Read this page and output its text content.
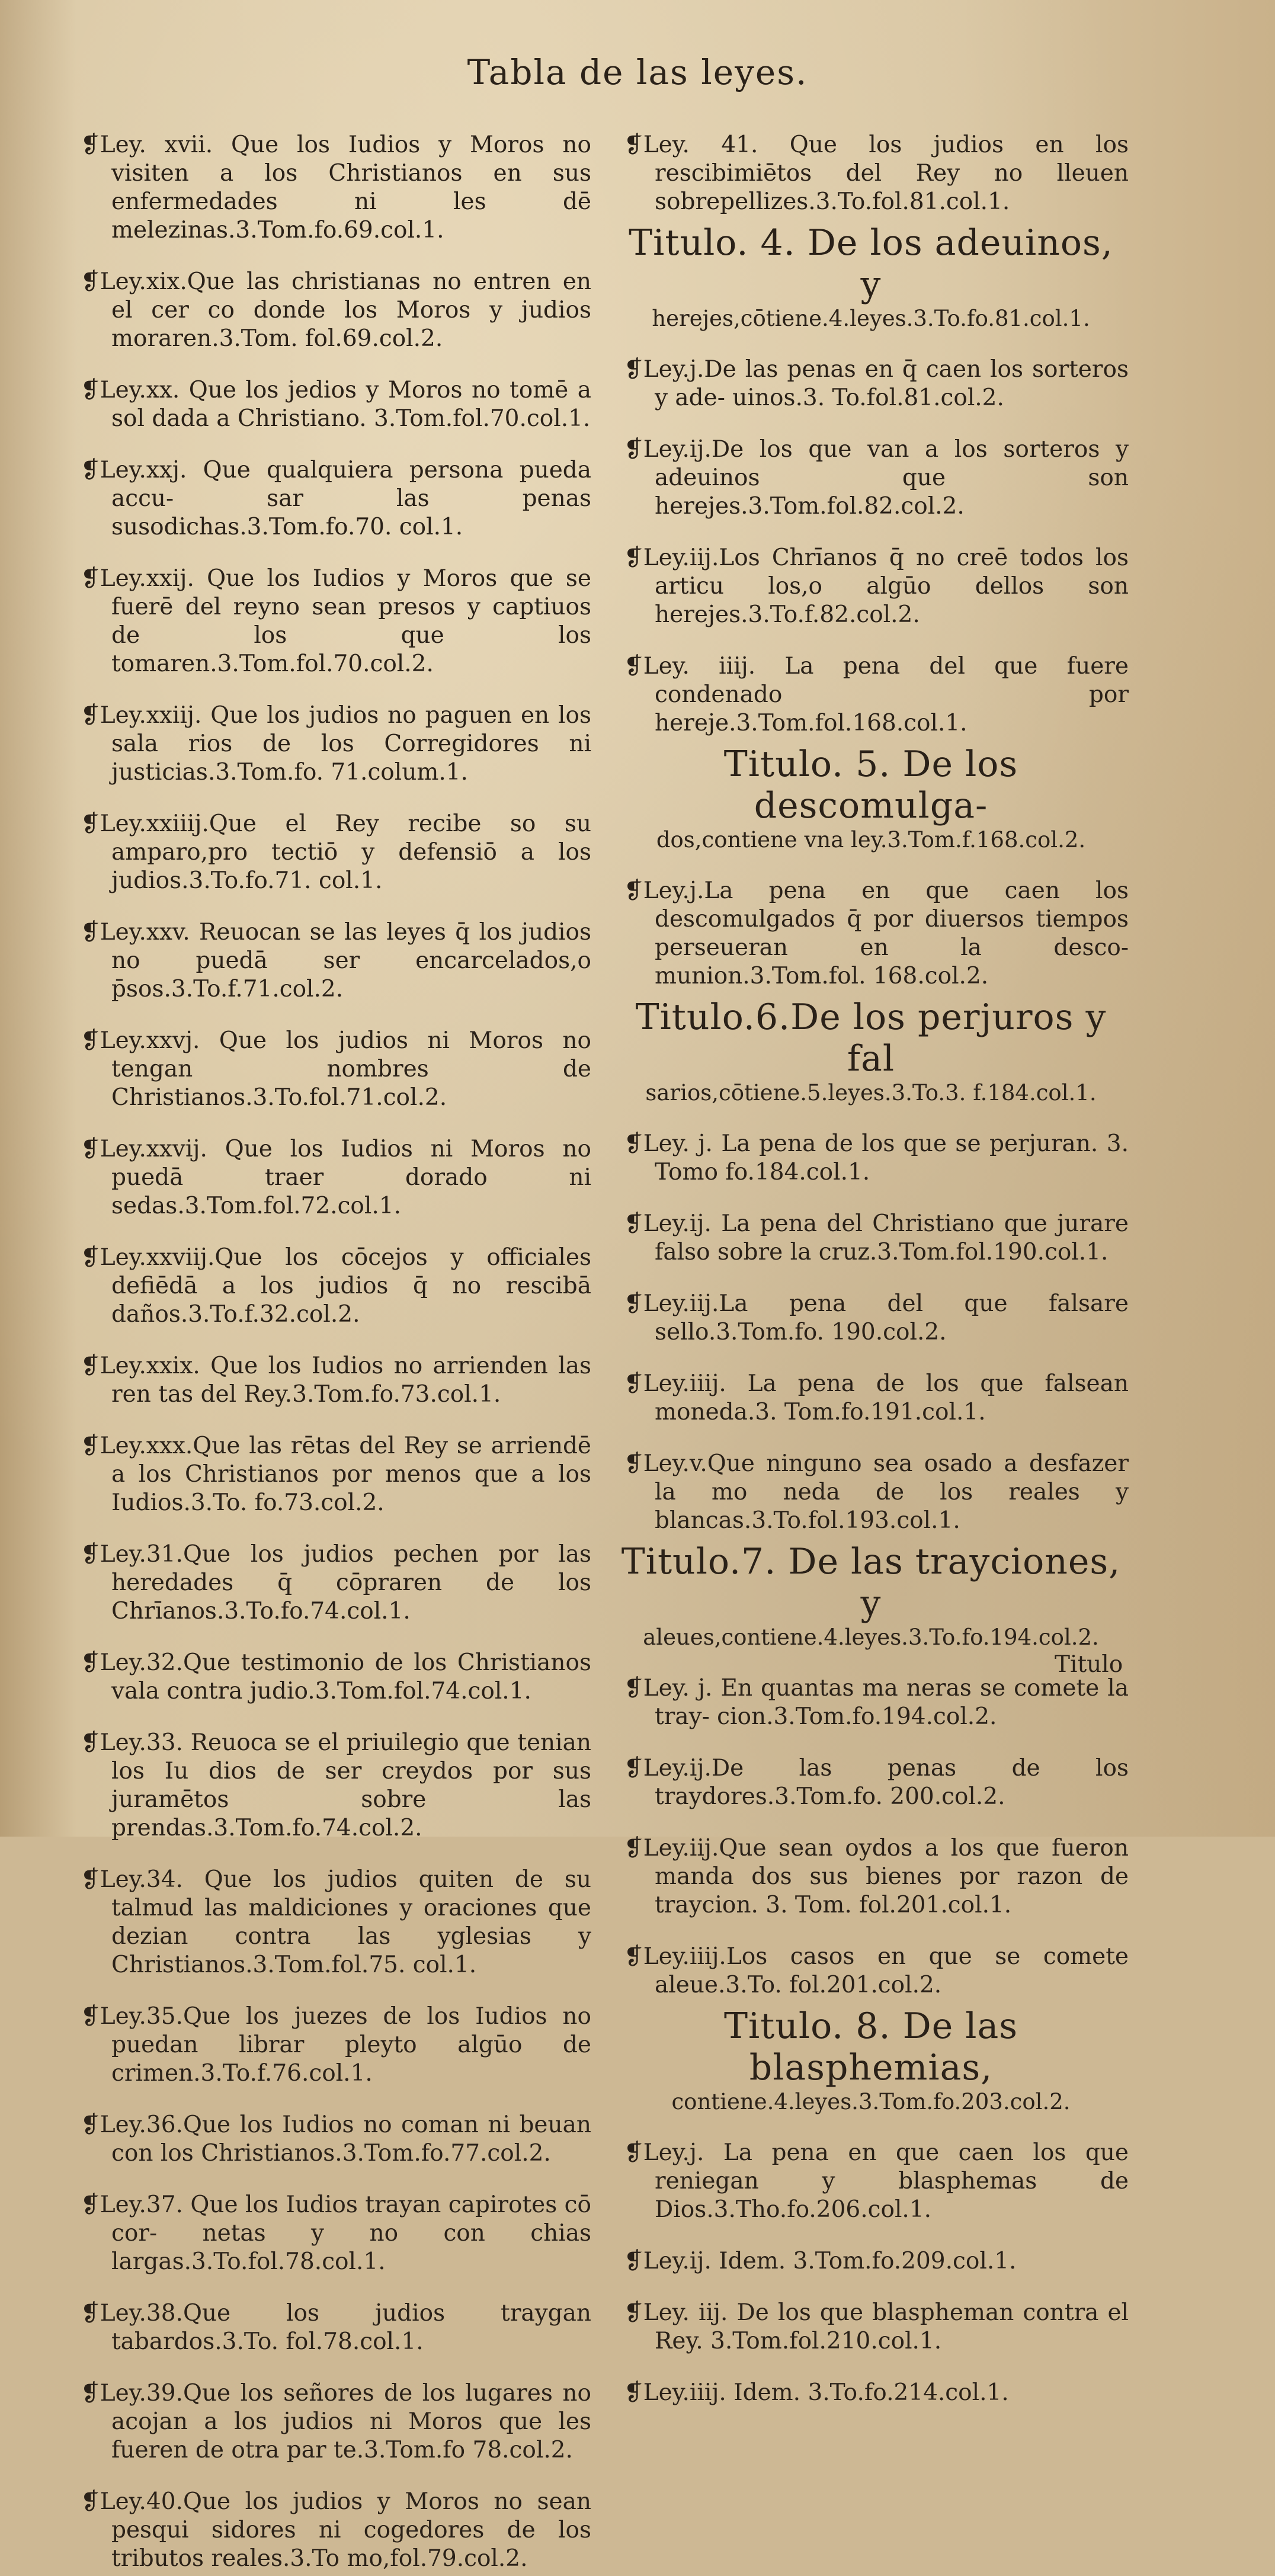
Tabla de las leyes.

❡Ley. xvii. Que los Iudios y Moros no visiten a los Christianos en sus enfermedades ni les dē melezinas.3.Tom.fo.69.col.1.

❡Ley.xix.Que las christianas no entren en el cer co donde los Moros y judios moraren.3.Tom. fol.69.col.2.

❡Ley.xx. Que los jedios y Moros no tomē a sol dada a Christiano. 3.Tom.fol.70.col.1.

❡Ley.xxj. Que qualquiera persona pueda accu- sar las penas susodichas.3.Tom.fo.70. col.1.

❡Ley.xxij. Que los Iudios y Moros que se fuerē del reyno sean presos y captiuos de los que los tomaren.3.Tom.fol.70.col.2.

❡Ley.xxiij. Que los judios no paguen en los sala rios de los Corregidores ni justicias.3.Tom.fo. 71.colum.1.

❡Ley.xxiiij.Que el Rey recibe so su amparo,pro tectiō y defensiō a los judios.3.To.fo.71. col.1.

❡Ley.xxv. Reuocan se las leyes q̄ los judios no puedā ser encarcelados,o p̄sos.3.To.f.71.col.2.

❡Ley.xxvj. Que los judios ni Moros no tengan nombres de Christianos.3.To.fol.71.col.2.

❡Ley.xxvij. Que los Iudios ni Moros no puedā traer dorado ni sedas.3.Tom.fol.72.col.1.

❡Ley.xxviij.Que los cōcejos y officiales defiēdā a los judios q̄ no rescibā daños.3.To.f.32.col.2.

❡Ley.xxix. Que los Iudios no arrienden las ren tas del Rey.3.Tom.fo.73.col.1.

❡Ley.xxx.Que las rētas del Rey se arriendē a los Christianos por menos que a los Iudios.3.To. fo.73.col.2.

❡Ley.31.Que los judios pechen por las heredades q̄ cōpraren de los Chrīanos.3.To.fo.74.col.1.

❡Ley.32.Que testimonio de los Christianos vala contra judio.3.Tom.fol.74.col.1.

❡Ley.33. Reuoca se el priuilegio que tenian los Iu dios de ser creydos por sus juramētos sobre las prendas.3.Tom.fo.74.col.2.

❡Ley.34. Que los judios quiten de su talmud las maldiciones y oraciones que dezian contra las yglesias y Christianos.3.Tom.fol.75. col.1.

❡Ley.35.Que los juezes de los Iudios no puedan librar pleyto algūo de crimen.3.To.f.76.col.1.

❡Ley.36.Que los Iudios no coman ni beuan con los Christianos.3.Tom.fo.77.col.2.

❡Ley.37. Que los Iudios trayan capirotes cō cor- netas y no con chias largas.3.To.fol.78.col.1.

❡Ley.38.Que los judios traygan tabardos.3.To. fol.78.col.1.

❡Ley.39.Que los señores de los lugares no acojan a los judios ni Moros que les fueren de otra par te.3.Tom.fo 78.col.2.

❡Ley.40.Que los judios y Moros no sean pesqui sidores ni cogedores de los tributos reales.3.To mo,fol.79.col.2.

❡Ley. 41. Que los judios en los rescibimiētos del Rey no lleuen sobrepellizes.3.To.fol.81.col.1.

Titulo. 4. De los adeuinos, y
herejes,cōtiene.4.leyes.3.To.fo.81.col.1.

❡Ley.j.De las penas en q̄ caen los sorteros y ade- uinos.3. To.fol.81.col.2.

❡Ley.ij.De los que van a los sorteros y adeuinos que son herejes.3.Tom.fol.82.col.2.

❡Ley.iij.Los Chrīanos q̄ no creē todos los articu los,o algūo dellos son herejes.3.To.f.82.col.2.

❡Ley. iiij. La pena del que fuere condenado por hereje.3.Tom.fol.168.col.1.

Titulo. 5. De los descomulga-
dos,contiene vna ley.3.Tom.f.168.col.2.

❡Ley.j.La pena en que caen los descomulgados q̄ por diuersos tiempos perseueran en la desco- munion.3.Tom.fol. 168.col.2.

Titulo.6.De los perjuros y fal
sarios,cōtiene.5.leyes.3.To.3. f.184.col.1.

❡Ley. j. La pena de los que se perjuran. 3. Tomo fo.184.col.1.

❡Ley.ij. La pena del Christiano que jurare falso sobre la cruz.3.Tom.fol.190.col.1.

❡Ley.iij.La pena del que falsare sello.3.Tom.fo. 190.col.2.

❡Ley.iiij. La pena de los que falsean moneda.3. Tom.fo.191.col.1.

❡Ley.v.Que ninguno sea osado a desfazer la mo neda de los reales y blancas.3.To.fol.193.col.1.

Titulo.7. De las trayciones, y
aleues,contiene.4.leyes.3.To.fo.194.col.2.

❡Ley. j. En quantas ma neras se comete la tray- cion.3.Tom.fo.194.col.2.

❡Ley.ij.De las penas de los traydores.3.Tom.fo. 200.col.2.

❡Ley.iij.Que sean oydos a los que fueron manda dos sus bienes por razon de traycion. 3. Tom. fol.201.col.1.

❡Ley.iiij.Los casos en que se comete aleue.3.To. fol.201.col.2.

Titulo. 8. De las blasphemias,
contiene.4.leyes.3.Tom.fo.203.col.2.

❡Ley.j. La pena en que caen los que reniegan y blasphemas de Dios.3.Tho.fo.206.col.1.

❡Ley.ij. Idem. 3.Tom.fo.209.col.1.

❡Ley. iij. De los que blaspheman contra el Rey. 3.Tom.fol.210.col.1.

❡Ley.iiij. Idem. 3.To.fo.214.col.1.

Titulo
